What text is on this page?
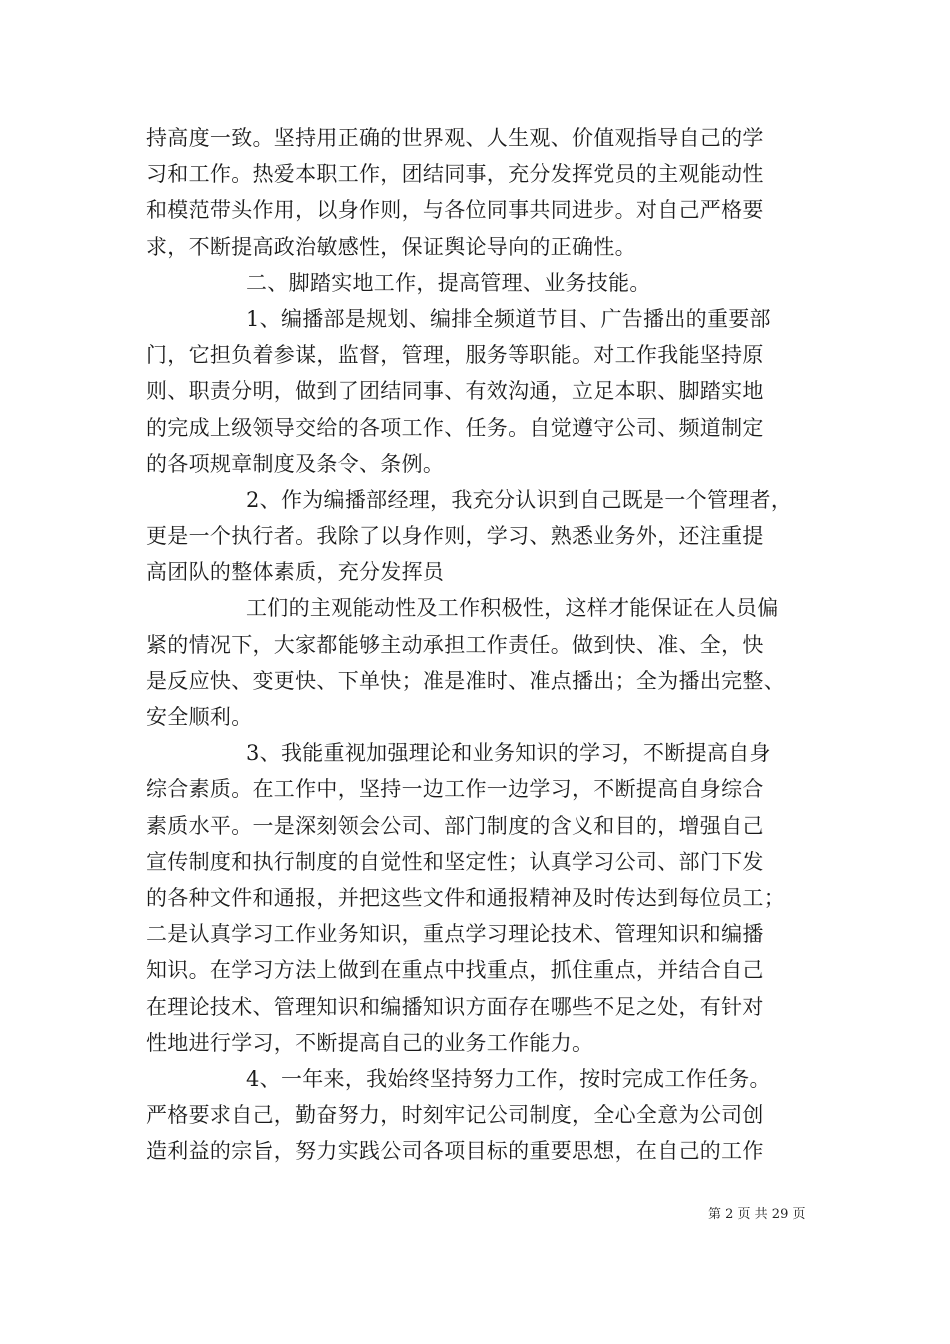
持高度一致。坚持用正确的世界观、人生观、价值观指导自己的学
习和工作。热爱本职工作，团结同事，充分发挥党员的主观能动性
和模范带头作用，以身作则，与各位同事共同进步。对自己严格要
求，不断提高政治敏感性，保证舆论导向的正确性。
二、脚踏实地工作，提高管理、业务技能。
1、编播部是规划、编排全频道节目、广告播出的重要部
门，它担负着参谋，监督，管理，服务等职能。对工作我能坚持原
则、职责分明，做到了团结同事、有效沟通，立足本职、脚踏实地
的完成上级领导交给的各项工作、任务。自觉遵守公司、频道制定
的各项规章制度及条令、条例。
2、作为编播部经理，我充分认识到自己既是一个管理者，
更是一个执行者。我除了以身作则，学习、熟悉业务外，还注重提
高团队的整体素质，充分发挥员
工们的主观能动性及工作积极性，这样才能保证在人员偏
紧的情况下，大家都能够主动承担工作责任。做到快、准、全，快
是反应快、变更快、下单快；准是准时、准点播出；全为播出完整、
安全顺利。
3、我能重视加强理论和业务知识的学习，不断提高自身
综合素质。在工作中，坚持一边工作一边学习，不断提高自身综合
素质水平。一是深刻领会公司、部门制度的含义和目的，增强自己
宣传制度和执行制度的自觉性和坚定性；认真学习公司、部门下发
的各种文件和通报，并把这些文件和通报精神及时传达到每位员工；
二是认真学习工作业务知识，重点学习理论技术、管理知识和编播
知识。在学习方法上做到在重点中找重点，抓住重点，并结合自己
在理论技术、管理知识和编播知识方面存在哪些不足之处，有针对
性地进行学习，不断提高自己的业务工作能力。
4、一年来，我始终坚持努力工作，按时完成工作任务。
严格要求自己，勤奋努力，时刻牢记公司制度，全心全意为公司创
造利益的宗旨，努力实践公司各项目标的重要思想，在自己的工作
第 2 页 共 29 页
